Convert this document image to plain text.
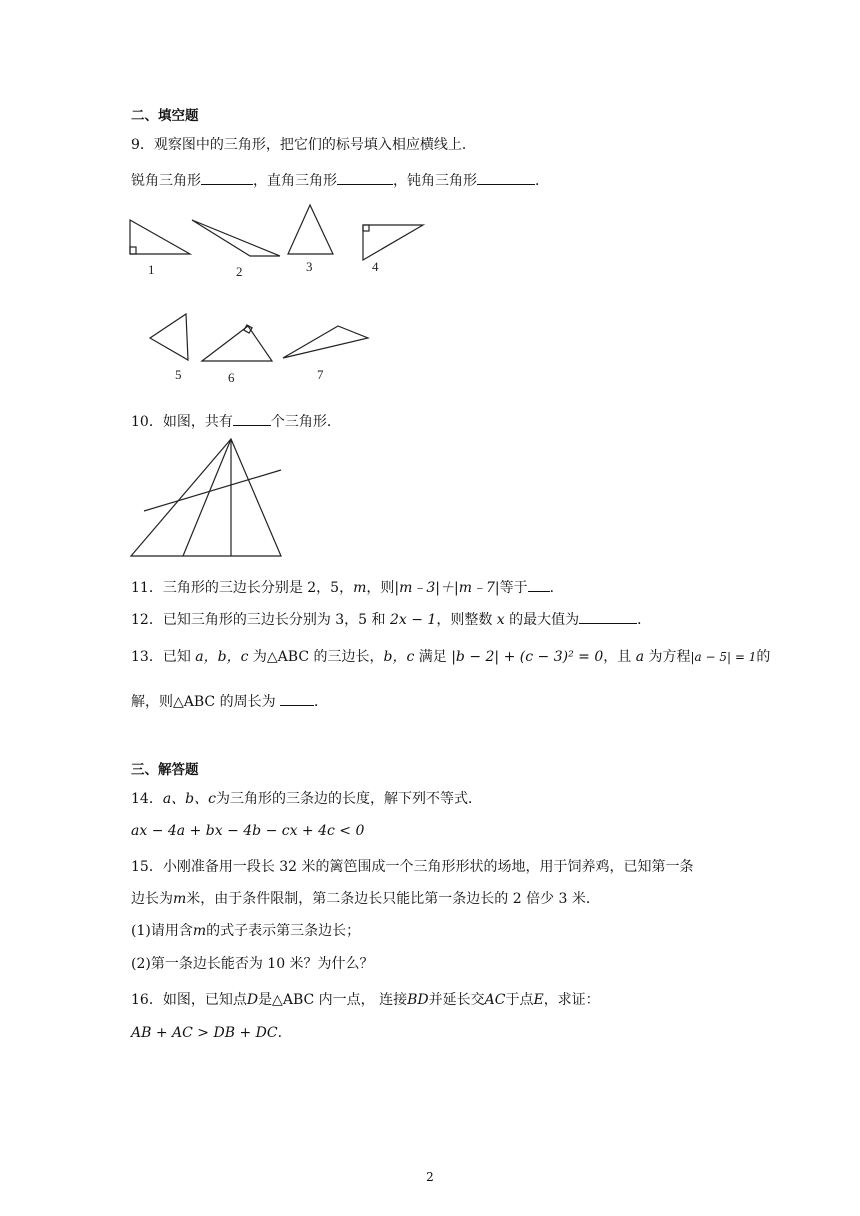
二、填空题
9．观察图中的三角形，把它们的标号填入相应横线上．
锐角三角形	，直角三角形	，钝角三角形	．
1	2	3	4
5	6	7
10．如图，共有	个三角形．
11．三角形的三边长分别是 2，5，m，则|m﹣3|＋|m﹣7|等于 ．
12．已知三角形的三边长分别为 3，5 和 2x − 1，则整数 x 的最大值为	．
13．已知 a，b，c 为△ABC 的三边长，b，c 满足 |b − 2| + (c − 3)² = 0，且 a 为方程|a − 5| = 1的
解，则△ABC 的周长为	．
三、解答题
14．a、b、c为三角形的三条边的长度，解下列不等式．
ax − 4a + bx − 4b − cx + 4c < 0
15．小刚准备用一段长 32 米的篱笆围成一个三角形形状的场地，用于饲养鸡，已知第一条
边长为m米，由于条件限制，第二条边长只能比第一条边长的 2 倍少 3 米．
(1)请用含m的式子表示第三条边长；
(2)第一条边长能否为 10 米？为什么？
16．如图，已知点D是△ABC 内一点， 连接BD并延长交AC于点E，求证：
AB + AC > DB + DC．
2
